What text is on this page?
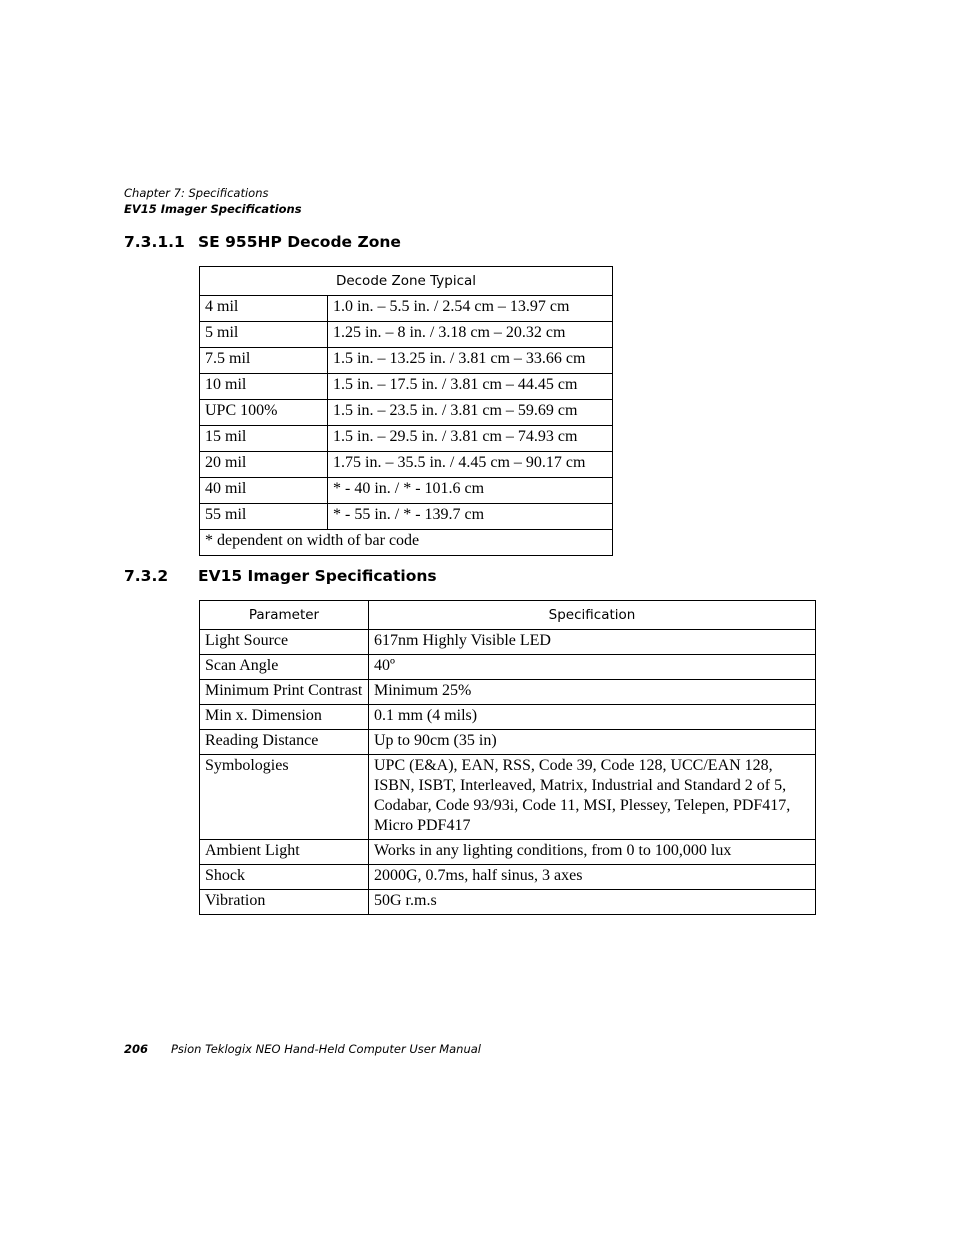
Chapter 7: Specifications
EV15 Imager Specifications
7.3.1.1 SE 955HP Decode Zone
Decode Zone Typical	
4 mil	1.0 in. – 5.5 in. / 2.54 cm – 13.97 cm
5 mil	1.25 in. – 8 in. / 3.18 cm – 20.32 cm
7.5 mil	1.5 in. – 13.25 in. / 3.81 cm – 33.66 cm
10 mil	1.5 in. – 17.5 in. / 3.81 cm – 44.45 cm
UPC 100%	1.5 in. – 23.5 in. / 3.81 cm – 59.69 cm
15 mil	1.5 in. – 29.5 in. / 3.81 cm – 74.93 cm
20 mil	1.75 in. – 35.5 in. / 4.45 cm – 90.17 cm
40 mil	* - 40 in. / * - 101.6 cm
55 mil	* - 55 in. / * - 139.7 cm
* dependent on width of bar code	
7.3.2 EV15 Imager Specifications
Parameter	Specification
Light Source	617nm Highly Visible LED
Scan Angle	40º
Minimum Print Contrast	Minimum 25%
Min x. Dimension	0.1 mm (4 mils)
Reading Distance	Up to 90cm (35 in)
Symbologies	UPC (E&A), EAN, RSS, Code 39, Code 128, UCC/EAN 128, ISBN, ISBT, Interleaved, Matrix, Industrial and Standard 2 of 5, Codabar, Code 93/93i, Code 11, MSI, Plessey, Telepen, PDF417, Micro PDF417
Ambient Light	Works in any lighting conditions, from 0 to 100,000 lux
Shock	2000G, 0.7ms, half sinus, 3 axes
Vibration	50G r.m.s
206 Psion Teklogix NEO Hand-Held Computer User Manual
